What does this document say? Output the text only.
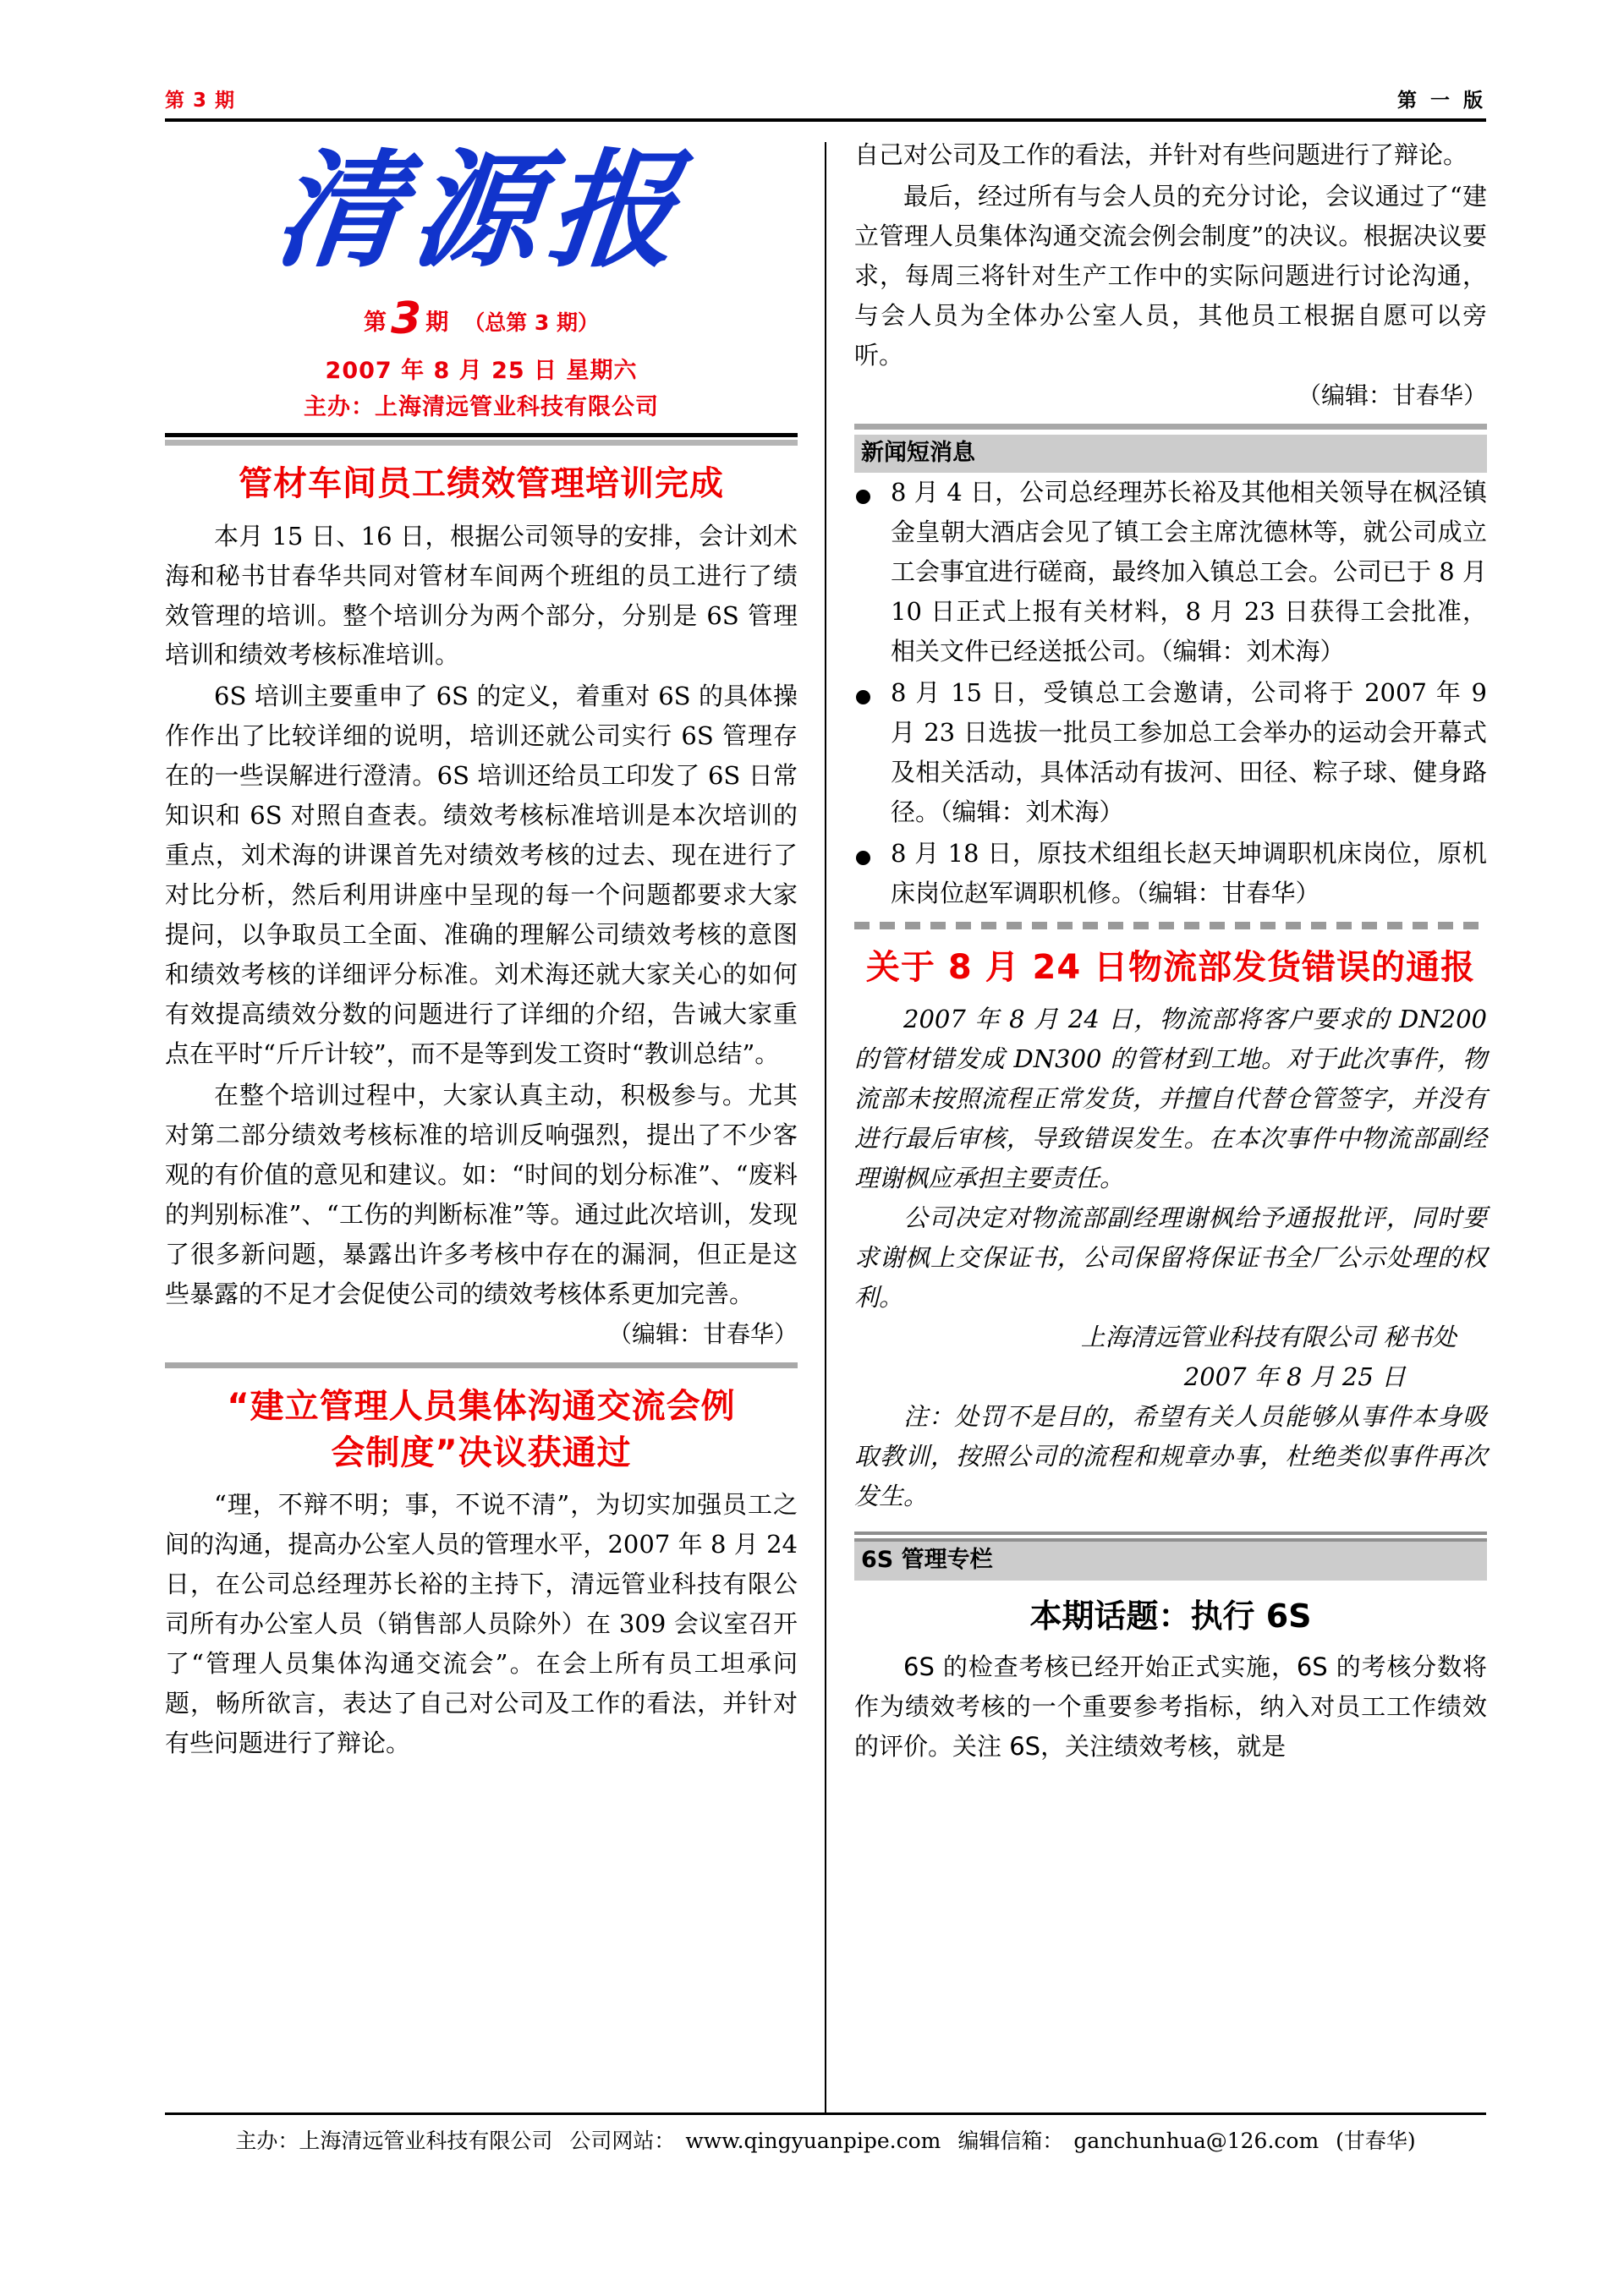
第 3 期	第 一 版
清源报
第3 期 （总第 3 期）
2007 年 8 月 25 日 星期六
主办：上海清远管业科技有限公司
管材车间员工绩效管理培训完成

本月 15 日、16 日，根据公司领导的安排，会计刘术海和秘书甘春华共同对管材车间两个班组的员工进行了绩效管理的培训。整个培训分为两个部分，分别是 6S 管理培训和绩效考核标准培训。

6S 培训主要重申了 6S 的定义，着重对 6S 的具体操作作出了比较详细的说明，培训还就公司实行 6S 管理存在的一些误解进行澄清。6S 培训还给员工印发了 6S 日常知识和 6S 对照自查表。绩效考核标准培训是本次培训的重点，刘术海的讲课首先对绩效考核的过去、现在进行了对比分析，然后利用讲座中呈现的每一个问题都要求大家提问，以争取员工全面、准确的理解公司绩效考核的意图和绩效考核的详细评分标准。刘术海还就大家关心的如何有效提高绩效分数的问题进行了详细的介绍，告诫大家重点在平时“斤斤计较”，而不是等到发工资时“教训总结”。

在整个培训过程中，大家认真主动，积极参与。尤其对第二部分绩效考核标准的培训反响强烈，提出了不少客观的有价值的意见和建议。如：“时间的划分标准”、“废料的判别标准”、“工伤的判断标准”等。通过此次培训，发现了很多新问题，暴露出许多考核中存在的漏洞，但正是这些暴露的不足才会促使公司的绩效考核体系更加完善。

（编辑：甘春华）
“建立管理人员集体沟通交流会例
会制度”决议获通过

“理，不辩不明；事，不说不清”，为切实加强员工之间的沟通，提高办公室人员的管理水平，2007 年 8 月 24 日，在公司总经理苏长裕的主持下，清远管业科技有限公司所有办公室人员（销售部人员除外）在 309 会议室召开了“管理人员集体沟通交流会”。在会上所有员工坦承问题，畅所欲言，表达了自己对公司及工作的看法，并针对有些问题进行了辩论。

自己对公司及工作的看法，并针对有些问题进行了辩论。

最后，经过所有与会人员的充分讨论，会议通过了“建立管理人员集体沟通交流会例会制度”的决议。根据决议要求，每周三将针对生产工作中的实际问题进行讨论沟通，与会人员为全体办公室人员，其他员工根据自愿可以旁听。

（编辑：甘春华）
新闻短消息
8 月 4 日，公司总经理苏长裕及其他相关领导在枫泾镇金皇朝大酒店会见了镇工会主席沈德林等，就公司成立工会事宜进行磋商，最终加入镇总工会。公司已于 8 月 10 日正式上报有关材料，8 月 23 日获得工会批准，相关文件已经送抵公司。（编辑：刘术海）
8 月 15 日，受镇总工会邀请，公司将于 2007 年 9 月 23 日选拔一批员工参加总工会举办的运动会开幕式及相关活动，具体活动有拔河、田径、粽子球、健身路径。（编辑：刘术海）
8 月 18 日，原技术组组长赵天坤调职机床岗位，原机床岗位赵军调职机修。（编辑：甘春华）
关于 8 月 24 日物流部发货错误的通报

2007 年 8 月 24 日，物流部将客户要求的 DN200 的管材错发成 DN300 的管材到工地。对于此次事件，物流部未按照流程正常发货，并擅自代替仓管签字，并没有进行最后审核，导致错误发生。在本次事件中物流部副经理谢枫应承担主要责任。

公司决定对物流部副经理谢枫给予通报批评，同时要求谢枫上交保证书，公司保留将保证书全厂公示处理的权利。

上海清远管业科技有限公司 秘书处

2007 年 8 月 25 日

注：处罚不是目的，希望有关人员能够从事件本身吸取教训，按照公司的流程和规章办事，杜绝类似事件再次发生。

6S 管理专栏
本期话题：执行 6S

6S 的检查考核已经开始正式实施，6S 的考核分数将作为绩效考核的一个重要参考指标，纳入对员工工作绩效的评价。关注 6S，关注绩效考核，就是

主办：上海清远管业科技有限公司 公司网站： www.qingyuanpipe.com 编辑信箱： ganchunhua@126.com (甘春华)
